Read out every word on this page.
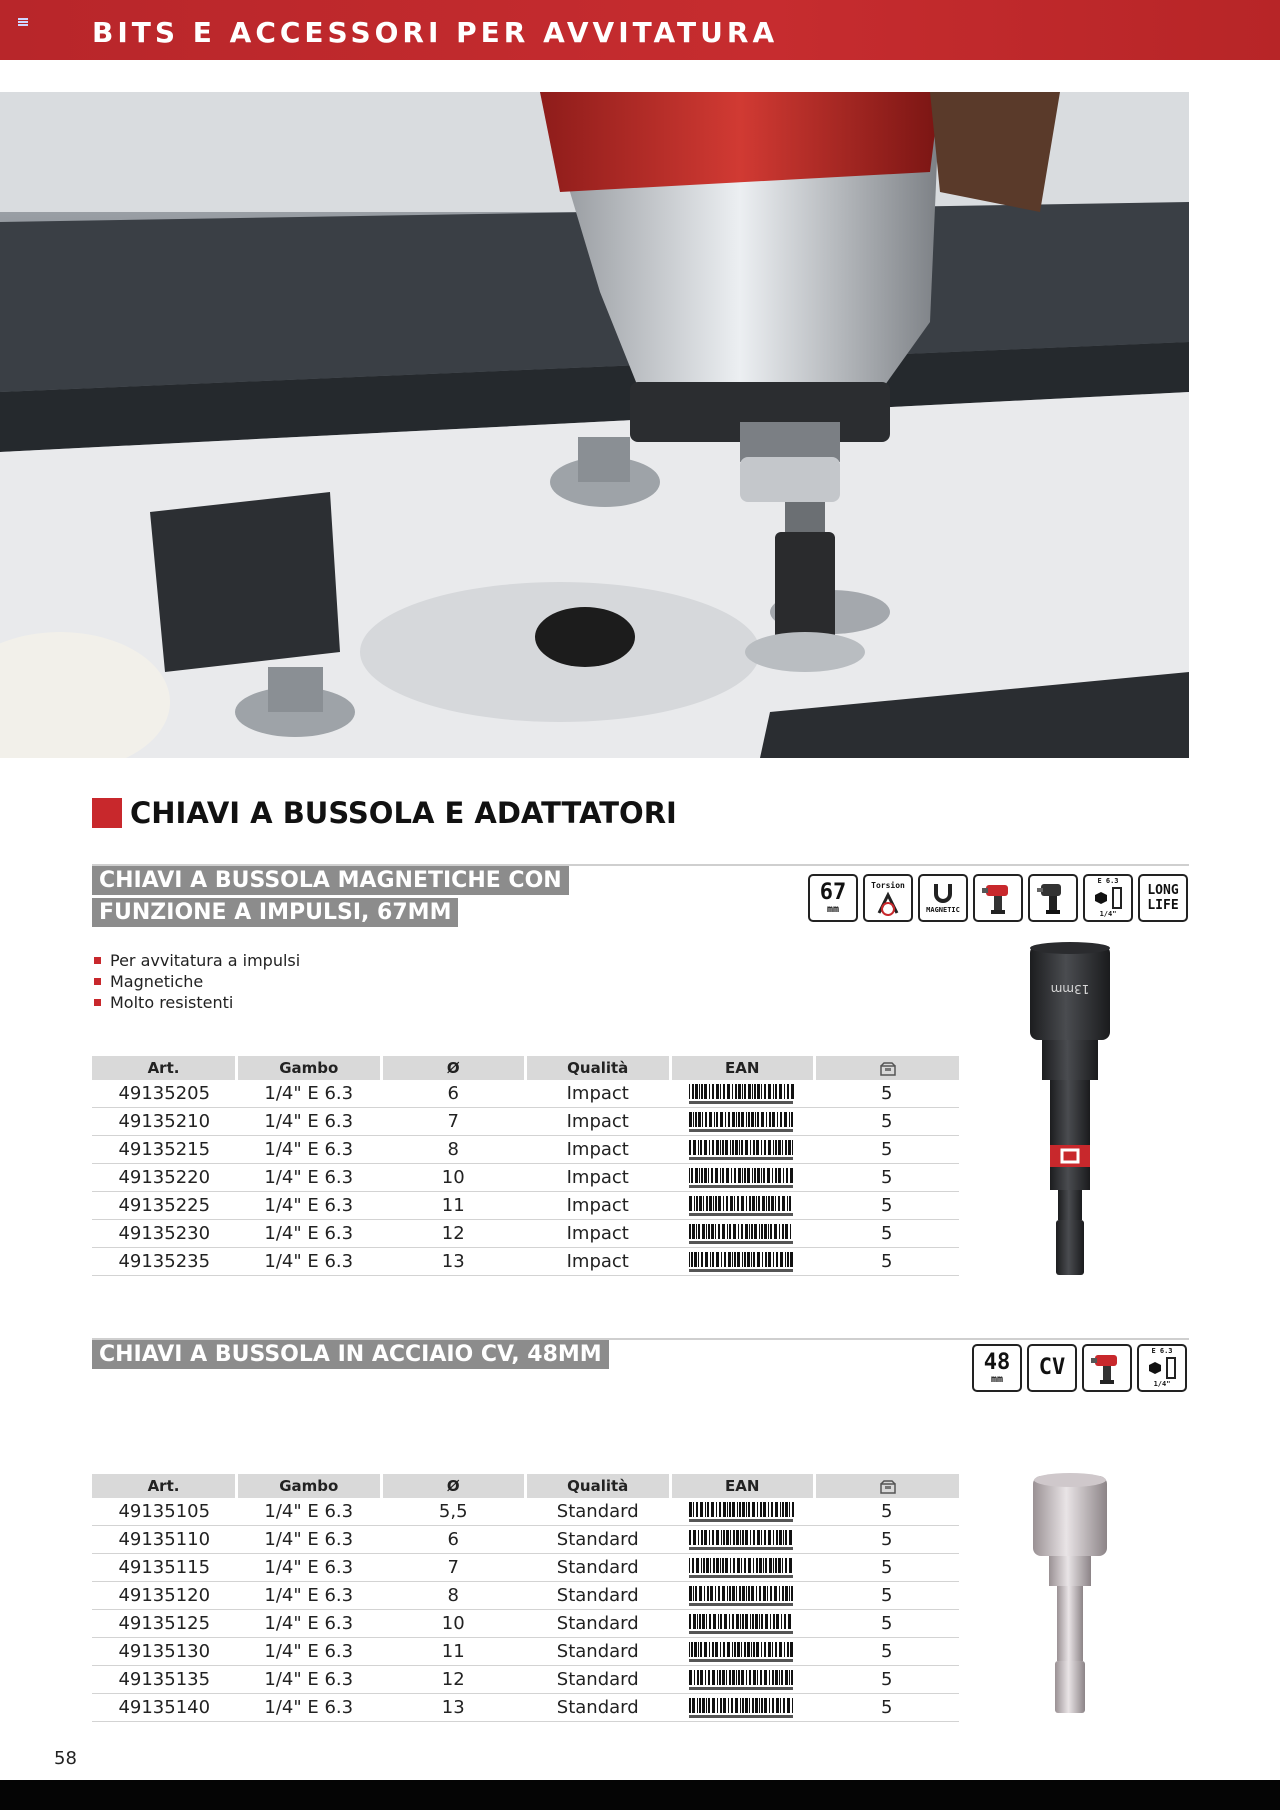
BITS E ACCESSORI PER AVVITATURA
CHIAVI A BUSSOLA E ADATTATORI
CHIAVI A BUSSOLA MAGNETICHE CON
FUNZIONE A IMPULSI, 67MM
67
mm
Torsion
MAGNETIC
E 6.3
1/4"
LONG
LIFE
Per avvitatura a impulsi
Magnetiche
Molto resistenti
Art.	Gambo	Ø	Qualità	EAN	
49135205	1/4" E 6.3	6	Impact		5
49135210	1/4" E 6.3	7	Impact		5
49135215	1/4" E 6.3	8	Impact		5
49135220	1/4" E 6.3	10	Impact		5
49135225	1/4" E 6.3	11	Impact		5
49135230	1/4" E 6.3	12	Impact		5
49135235	1/4" E 6.3	13	Impact		5
13mm
CHIAVI A BUSSOLA IN ACCIAIO CV, 48MM	48
mm CV
E 6.3
1/4"
Art.	Gambo	Ø	Qualità	EAN	
49135105	1/4" E 6.3	5,5	Standard		5
49135110	1/4" E 6.3	6	Standard		5
49135115	1/4" E 6.3	7	Standard		5
49135120	1/4" E 6.3	8	Standard		5
49135125	1/4" E 6.3	10	Standard		5
49135130	1/4" E 6.3	11	Standard		5
49135135	1/4" E 6.3	12	Standard		5
49135140	1/4" E 6.3	13	Standard		5
58
